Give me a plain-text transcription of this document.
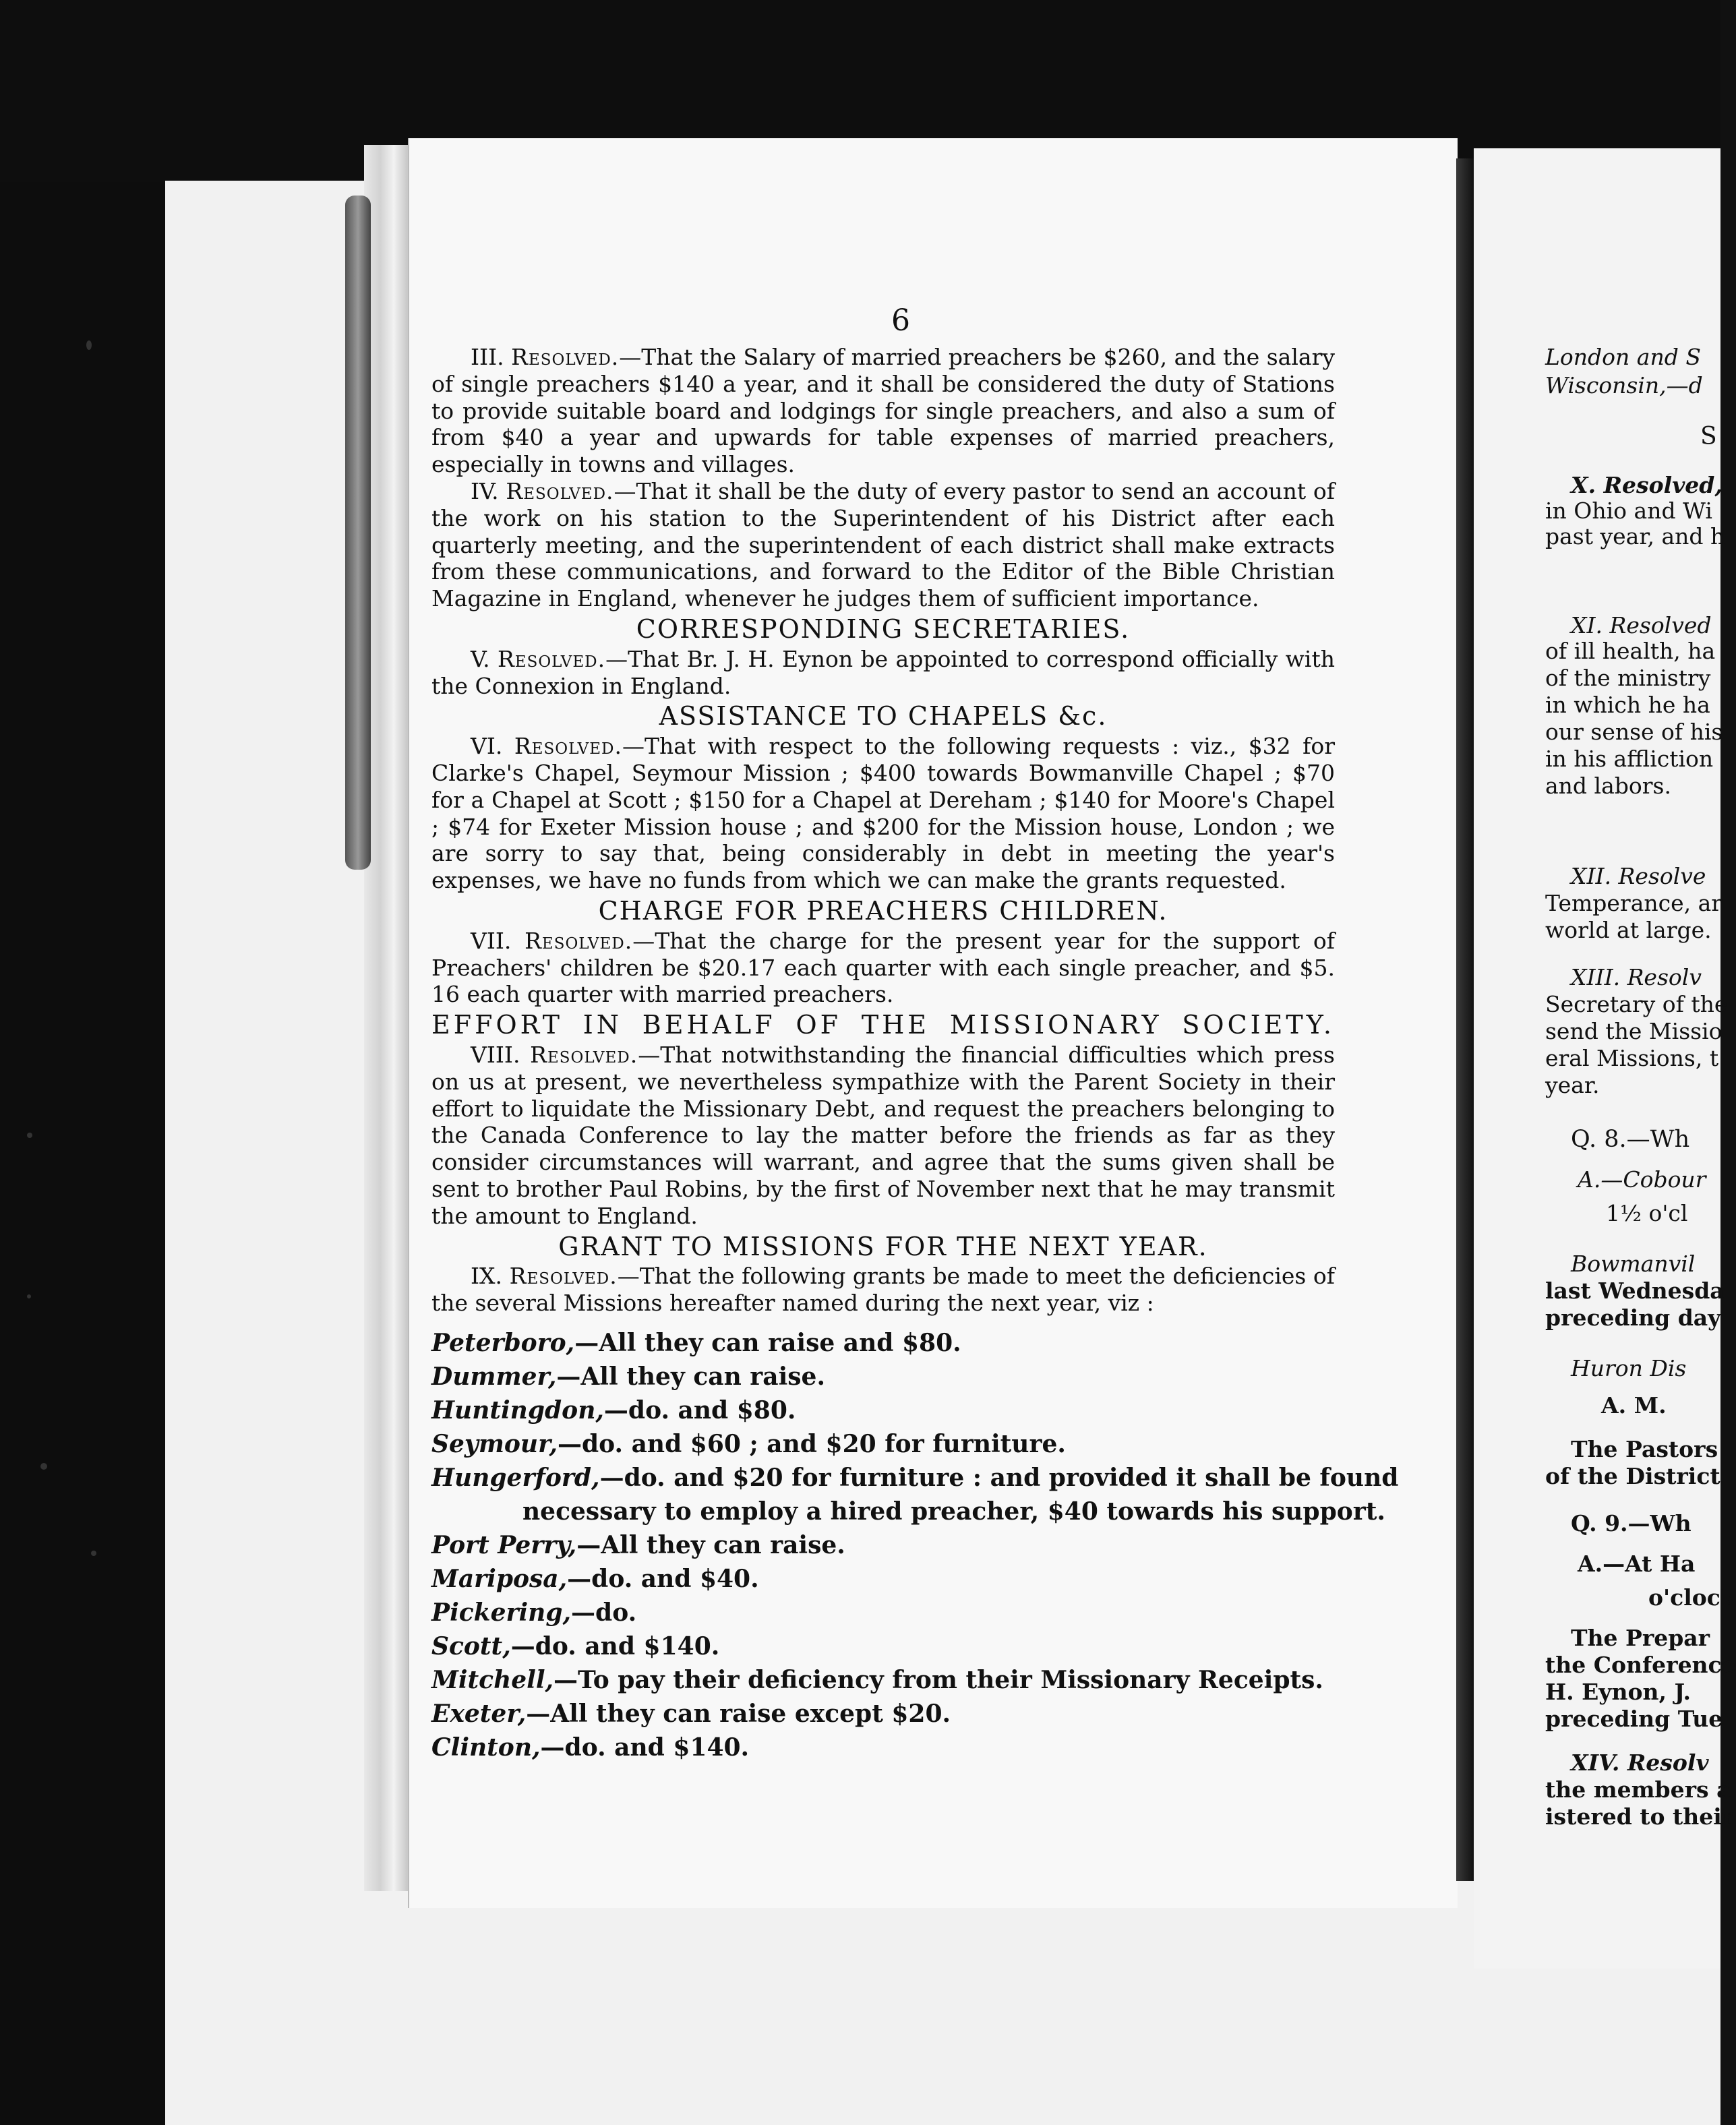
6

III. Resolved.—That the Salary of married preachers be $260, and the salary of single preachers $140 a year, and it shall be considered the duty of Stations to provide suitable board and lodgings for single preachers, and also a sum of from $40 a year and upwards for table expenses of married preachers, especially in towns and villages.

IV. Resolved.—That it shall be the duty of every pastor to send an account of the work on his station to the Superintendent of his District after each quarterly meeting, and the superintendent of each district shall make extracts from these communications, and forward to the Editor of the Bible Christian Magazine in England, whenever he judges them of sufficient importance.

CORRESPONDING SECRETARIES.

V. Resolved.—That Br. J. H. Eynon be appointed to correspond officially with the Connexion in England.

ASSISTANCE TO CHAPELS &c.

VI. Resolved.—That with respect to the following requests : viz., $32 for Clarke's Chapel, Seymour Mission ; $400 towards Bowmanville Chapel ; $70 for a Chapel at Scott ; $150 for a Chapel at Dereham ; $140 for Moore's Chapel ; $74 for Exeter Mission house ; and $200 for the Mission house, London ; we are sorry to say that, being considerably in debt in meeting the year's expenses, we have no funds from which we can make the grants requested.

CHARGE FOR PREACHERS CHILDREN.

VII. Resolved.—That the charge for the present year for the support of Preachers' children be $20.17 each quarter with each single preacher, and $5. 16 each quarter with married preachers.

EFFORT IN BEHALF OF THE MISSIONARY SOCIETY.

VIII. Resolved.—That notwithstanding the financial difficulties which press on us at present, we nevertheless sympathize with the Parent Society in their effort to liquidate the Missionary Debt, and request the preachers belonging to the Canada Conference to lay the matter before the friends as far as they consider circumstances will warrant, and agree that the sums given shall be sent to brother Paul Robins, by the first of November next that he may transmit the amount to England.

GRANT TO MISSIONS FOR THE NEXT YEAR.

IX. Resolved.—That the following grants be made to meet the deficiencies of the several Missions hereafter named during the next year, viz :

Peterboro,—All they can raise and $80.
Dummer,—All they can raise.
Huntingdon,—do. and $80.
Seymour,—do. and $60 ; and $20 for furniture.
Hungerford,—do. and $20 for furniture : and provided it shall be found
necessary to employ a hired preacher, $40 towards his support.
Port Perry,—All they can raise.
Mariposa,—do. and $40.
Pickering,—do.
Scott,—do. and $140.
Mitchell,—To pay their deficiency from their Missionary Receipts.
Exeter,—All they can raise except $20.
Clinton,—do. and $140.
London and S
Wisconsin,—d
S
X. Resolved,
in Ohio and Wi
past year, and h
XI. Resolved
of ill health, ha
of the ministry
in which he ha
our sense of his
in his affliction
and labors.
XII. Resolve
Temperance, ar
world at large.
XIII. Resolv
Secretary of the
send the Missio
eral Missions, t
year.
Q. 8.—Wh
A.—Cobour
1½ o'cl
Bowmanvil
last Wednesda
preceding day
Huron Dis
A. M.
The Pastors
of the District
Q. 9.—Wh
A.—At Ha
o'clock
The Prepar
the Conference
H. Eynon, J.
preceding Tue
XIV. Resolv
the members a
istered to their
